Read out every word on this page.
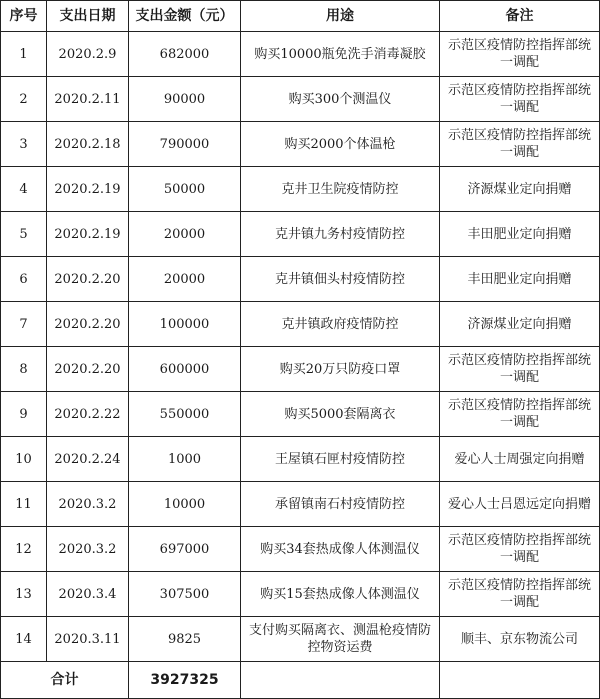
序号	支出日期	支出金额（元）	用途	备注
1	2020.2.9	682000	购买10000瓶免洗手消毒凝胶	示范区疫情防控指挥部统一调配
2	2020.2.11	90000	购买300个测温仪	示范区疫情防控指挥部统一调配
3	2020.2.18	790000	购买2000个体温枪	示范区疫情防控指挥部统一调配
4	2020.2.19	50000	克井卫生院疫情防控	济源煤业定向捐赠
5	2020.2.19	20000	克井镇九务村疫情防控	丰田肥业定向捐赠
6	2020.2.20	20000	克井镇佃头村疫情防控	丰田肥业定向捐赠
7	2020.2.20	100000	克井镇政府疫情防控	济源煤业定向捐赠
8	2020.2.20	600000	购买20万只防疫口罩	示范区疫情防控指挥部统一调配
9	2020.2.22	550000	购买5000套隔离衣	示范区疫情防控指挥部统一调配
10	2020.2.24	1000	王屋镇石匣村疫情防控	爱心人士周强定向捐赠
11	2020.3.2	10000	承留镇南石村疫情防控	爱心人士吕恩远定向捐赠
12	2020.3.2	697000	购买34套热成像人体测温仪	示范区疫情防控指挥部统一调配
13	2020.3.4	307500	购买15套热成像人体测温仪	示范区疫情防控指挥部统一调配
14	2020.3.11	9825	支付购买隔离衣、测温枪疫情防控物资运费	顺丰、京东物流公司
合计		3927325		
